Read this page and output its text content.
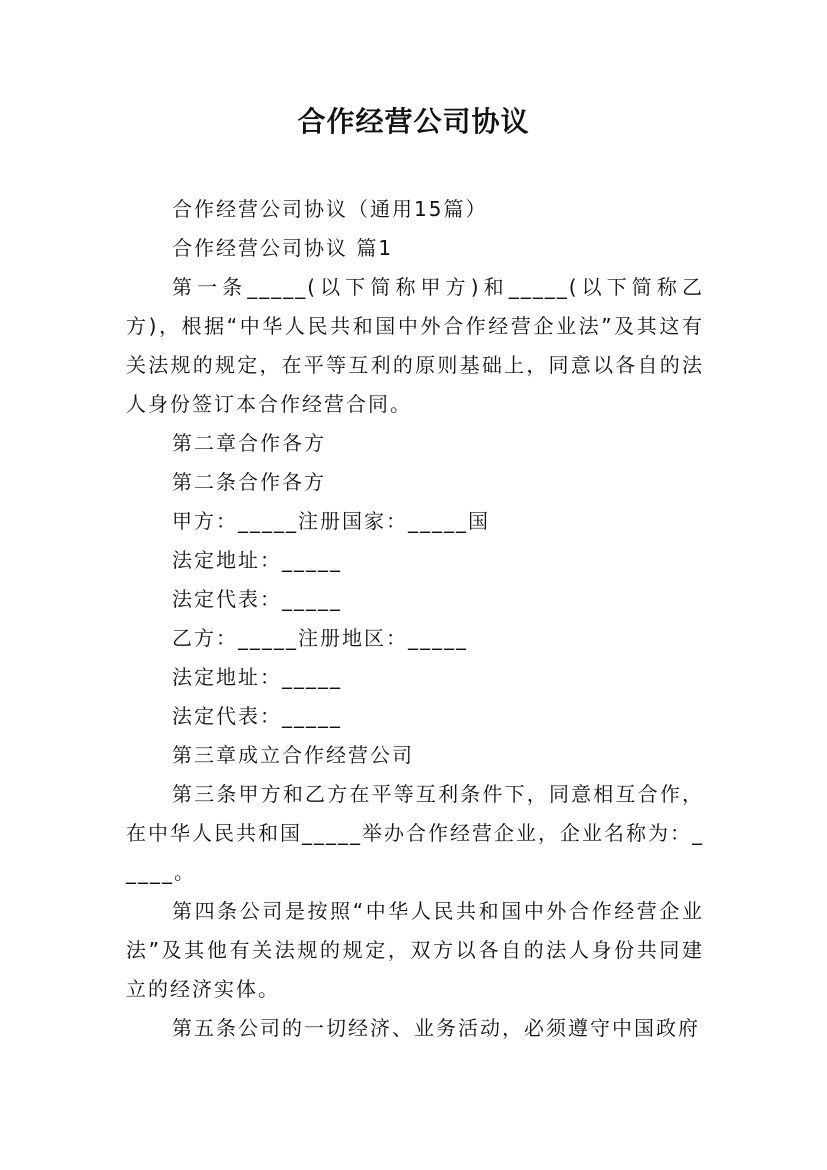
合作经营公司协议

合作经营公司协议（通用15篇）

合作经营公司协议 篇1

第一条_____(以下简称甲方)和_____(以下简称乙方)，根据“中华人民共和国中外合作经营企业法”及其这有关法规的规定，在平等互利的原则基础上，同意以各自的法人身份签订本合作经营合同。

第二章合作各方

第二条合作各方

甲方：_____注册国家：_____国

法定地址：_____

法定代表：_____

乙方：_____注册地区：_____

法定地址：_____

法定代表：_____

第三章成立合作经营公司

第三条甲方和乙方在平等互利条件下，同意相互合作，在中华人民共和国_____举办合作经营企业，企业名称为：_____。

第四条公司是按照“中华人民共和国中外合作经营企业法”及其他有关法规的规定，双方以各自的法人身份共同建立的经济实体。

第五条公司的一切经济、业务活动，必须遵守中国政府
